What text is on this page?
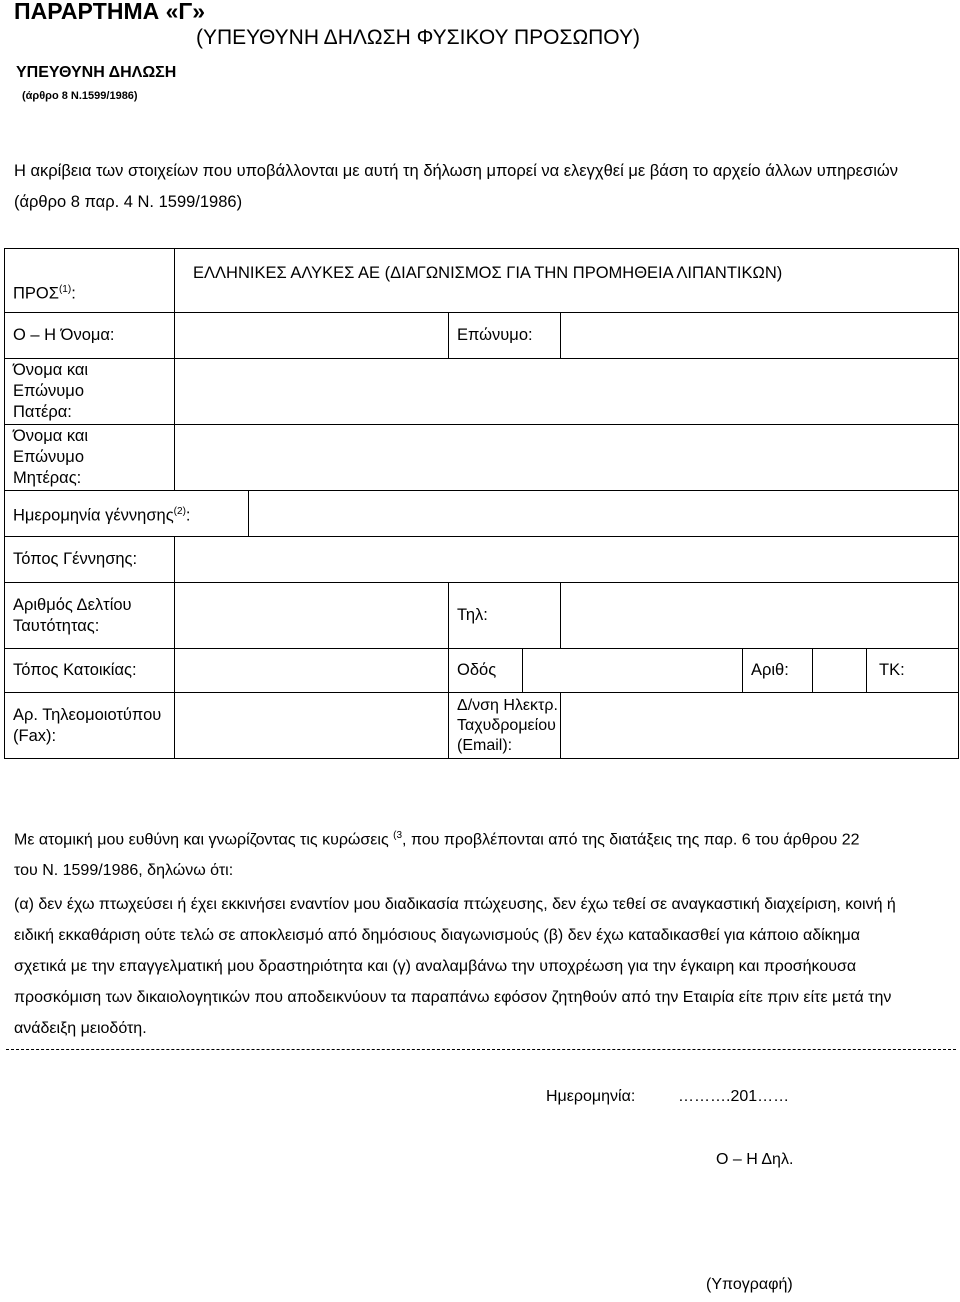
ΠΑΡΑΡΤΗΜΑ «Γ»
(ΥΠΕΥΘΥΝΗ ΔΗΛΩΣΗ ΦΥΣΙΚΟΥ ΠΡΟΣΩΠΟΥ)
ΥΠΕΥΘΥΝΗ ΔΗΛΩΣΗ
(άρθρο 8 Ν.1599/1986)
Η ακρίβεια των στοιχείων που υποβάλλονται με αυτή τη δήλωση μπορεί να ελεγχθεί με βάση το αρχείο άλλων υπηρεσιών (άρθρο 8 παρ. 4 Ν. 1599/1986)
ΠΡΟΣ$^{(1)}$:	ΕΛΛΗΝΙΚΕΣ ΑΛΥΚΕΣ ΑΕ (ΔΙΑΓΩΝΙΣΜΟΣ ΓΙΑ ΤΗΝ ΠΡΟΜΗΘΕΙΑ ΛΙΠΑΝΤΙΚΩΝ)							
Ο – Η Όνομα:			Επώνυμο:					
Όνομα και Επώνυμο Πατέρα:								
Όνομα και Επώνυμο Μητέρας:								
Ημερομηνία γέννησης$^{(2)}$:								
Τόπος Γέννησης:								
Αριθμός Δελτίου Ταυτότητας:			Τηλ:					
Τόπος Κατοικίας:			Οδός			Αριθ:		ΤΚ:
Αρ. Τηλεομοιοτύπου (Fax):			Δ/νση Ηλεκτρ. Ταχυδρομείου (Email):					
Με ατομική μου ευθύνη και γνωρίζοντας τις κυρώσεις $^{(3}$, που προβλέπονται από της διατάξεις της παρ. 6 του άρθρου 22 του Ν. 1599/1986, δηλώνω ότι:
(α) δεν έχω πτωχεύσει ή έχει εκκινήσει εναντίον μου διαδικασία πτώχευσης, δεν έχω τεθεί σε αναγκαστική διαχείριση, κοινή ή ειδική εκκαθάριση ούτε τελώ σε αποκλεισμό από δημόσιους διαγωνισμούς (β) δεν έχω καταδικασθεί για κάποιο αδίκημα σχετικά με την επαγγελματική μου δραστηριότητα και (γ) αναλαμβάνω την υποχρέωση για την έγκαιρη και προσήκουσα προσκόμιση των δικαιολογητικών που αποδεικνύουν τα παραπάνω εφόσον ζητηθούν από την Εταιρία είτε πριν είτε μετά την ανάδειξη μειοδότη.
Ημερομηνία:	……….201……
Ο – Η Δηλ.
(Υπογραφή)
